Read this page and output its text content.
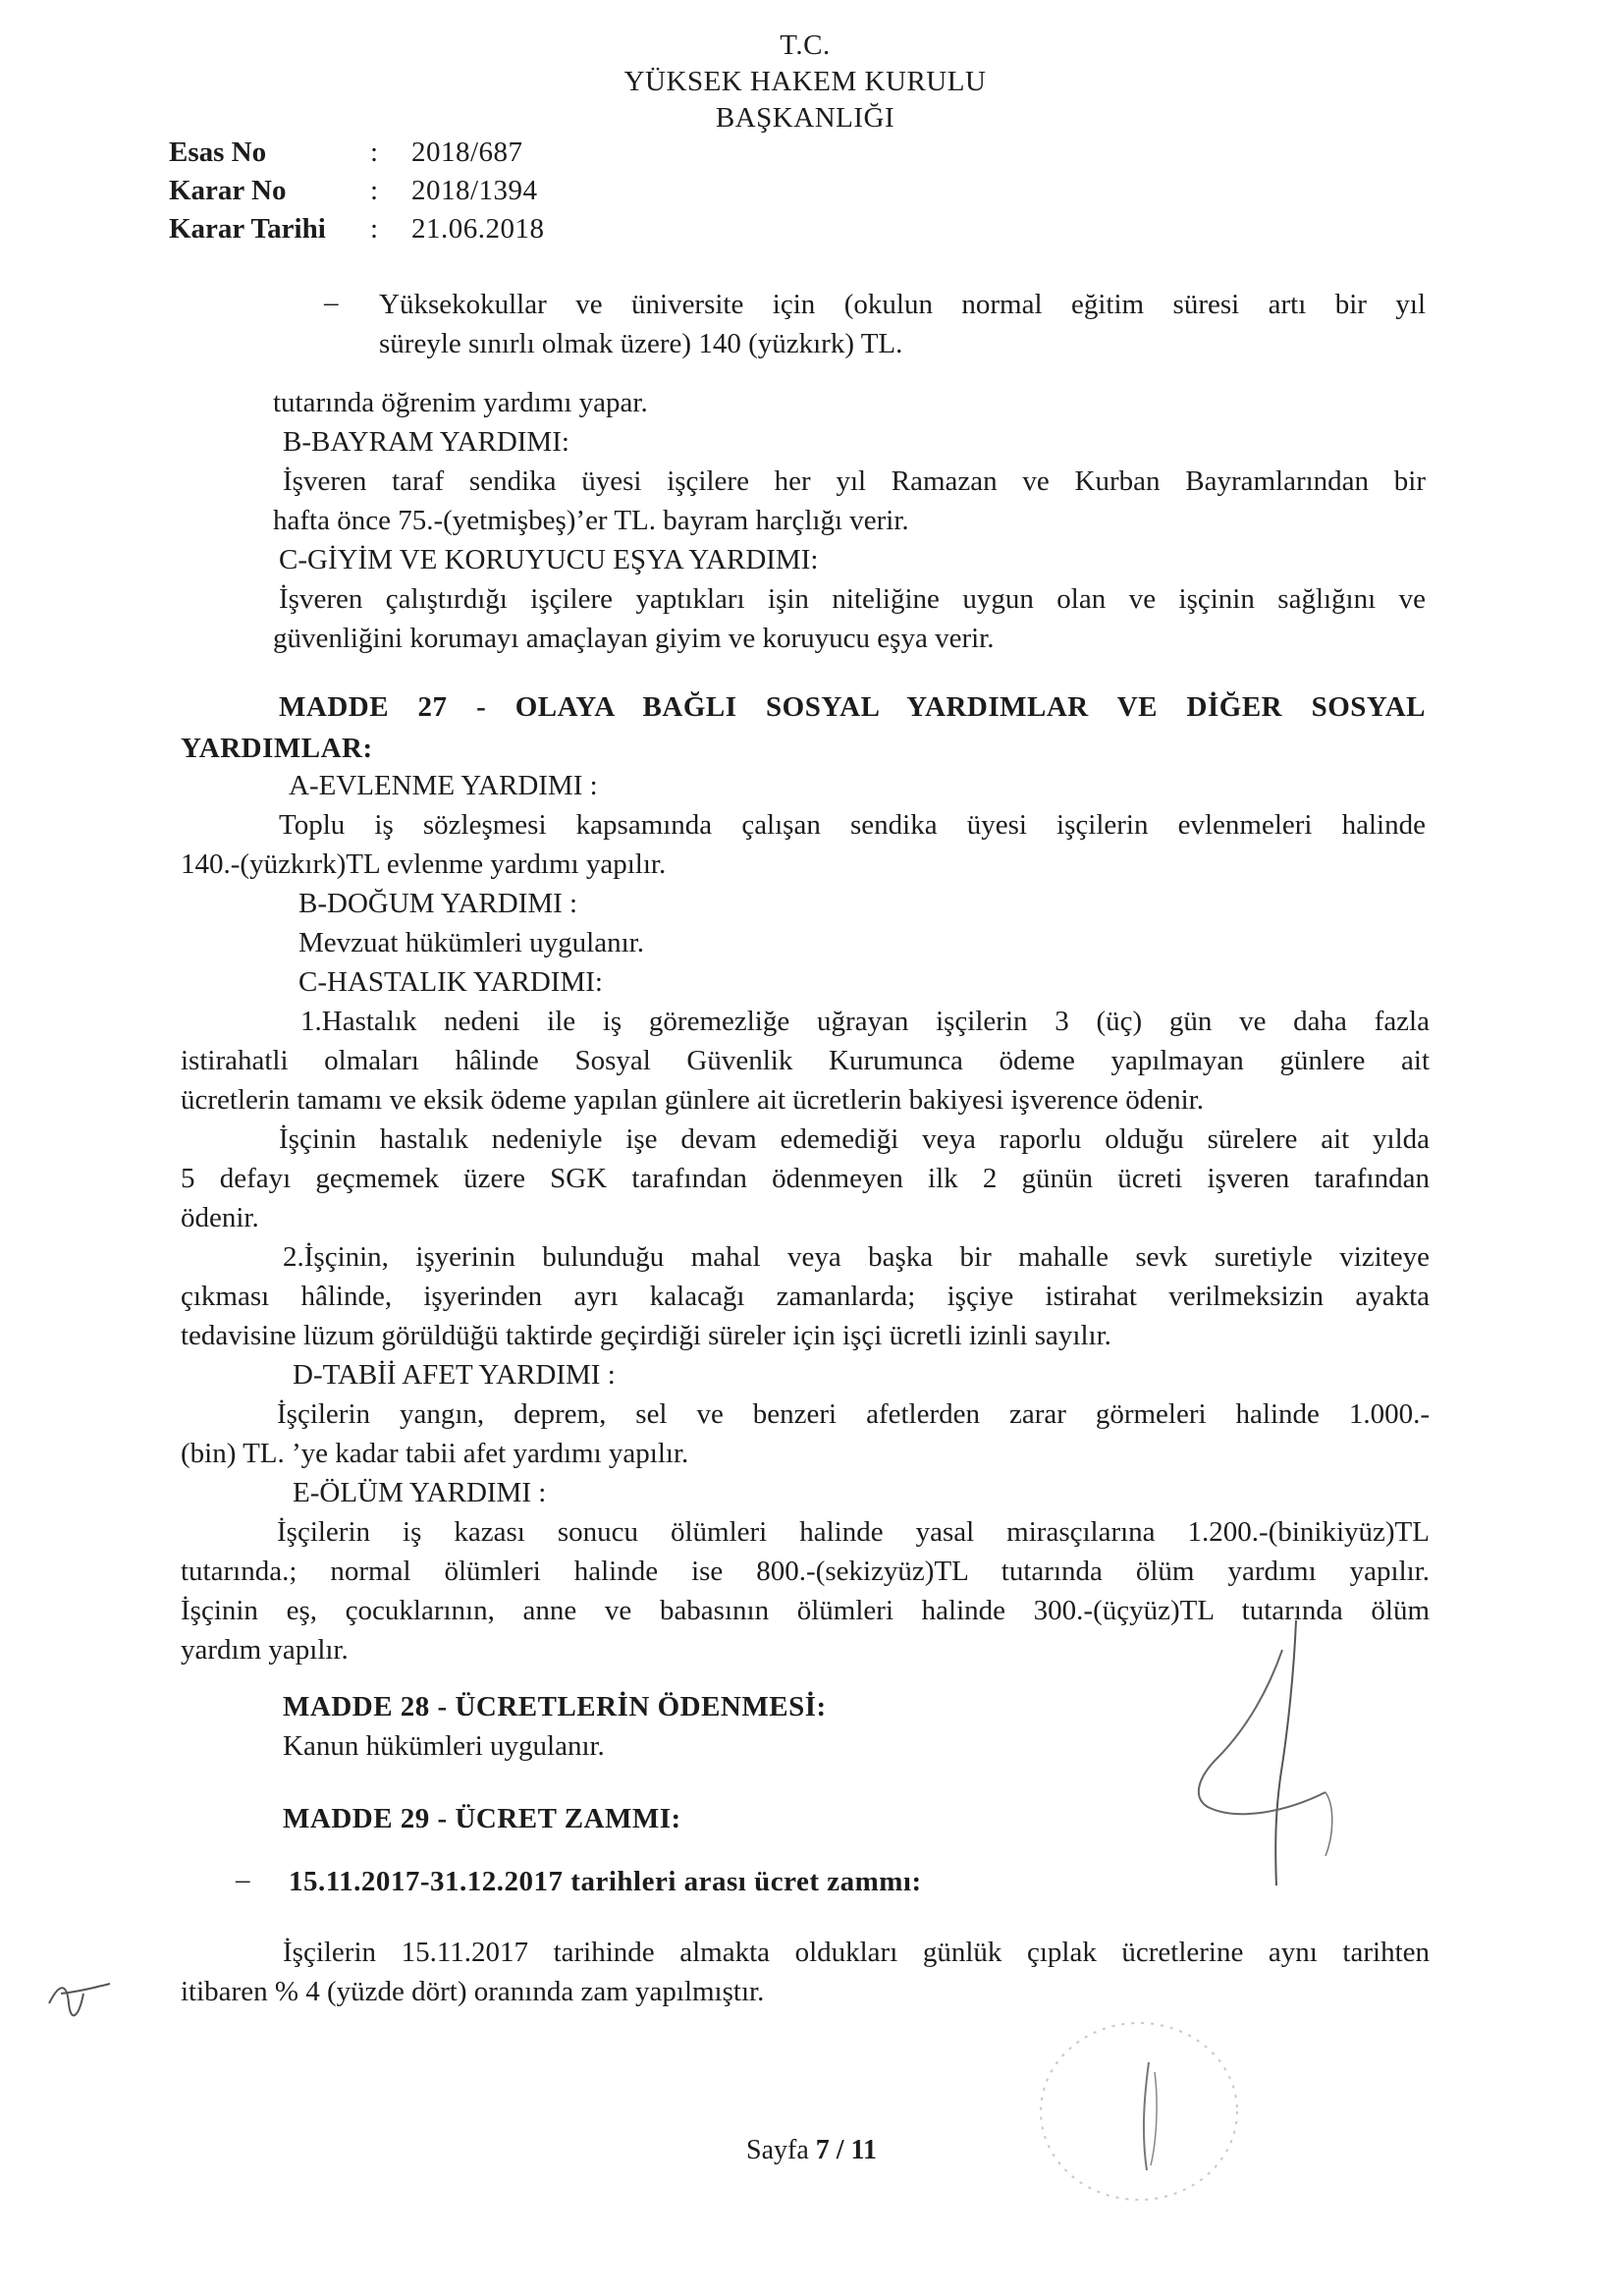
T.C.
YÜKSEK HAKEM KURULU
BAŞKANLIĞI
Esas No	:	2018/687
Karar No	:	2018/1394
Karar Tarihi	:	21.06.2018
– Yüksekokullar ve üniversite için (okulun normal eğitim süresi artı bir yıl
süreyle sınırlı olmak üzere) 140 (yüzkırk) TL.
tutarında öğrenim yardımı yapar.
B-BAYRAM YARDIMI:
İşveren taraf sendika üyesi işçilere her yıl Ramazan ve Kurban Bayramlarından bir
hafta önce 75.-(yetmişbeş)’er TL. bayram harçlığı verir.
C-GİYİM VE KORUYUCU EŞYA YARDIMI:
İşveren çalıştırdığı işçilere yaptıkları işin niteliğine uygun olan ve işçinin sağlığını ve
güvenliğini korumayı amaçlayan giyim ve koruyucu eşya verir.
MADDE 27 - OLAYA BAĞLI SOSYAL YARDIMLAR VE DİĞER SOSYAL
YARDIMLAR:
A-EVLENME YARDIMI :
Toplu iş sözleşmesi kapsamında çalışan sendika üyesi işçilerin evlenmeleri halinde
140.-(yüzkırk)TL evlenme yardımı yapılır.
B-DOĞUM YARDIMI :
Mevzuat hükümleri uygulanır.
C-HASTALIK YARDIMI:
1.Hastalık nedeni ile iş göremezliğe uğrayan işçilerin 3 (üç) gün ve daha fazla
istirahatli olmaları hâlinde Sosyal Güvenlik Kurumunca ödeme yapılmayan günlere ait
ücretlerin tamamı ve eksik ödeme yapılan günlere ait ücretlerin bakiyesi işverence ödenir.
İşçinin hastalık nedeniyle işe devam edemediği veya raporlu olduğu sürelere ait yılda
5 defayı geçmemek üzere SGK tarafından ödenmeyen ilk 2 günün ücreti işveren tarafından
ödenir.
2.İşçinin, işyerinin bulunduğu mahal veya başka bir mahalle sevk suretiyle viziteye
çıkması hâlinde, işyerinden ayrı kalacağı zamanlarda; işçiye istirahat verilmeksizin ayakta
tedavisine lüzum görüldüğü taktirde geçirdiği süreler için işçi ücretli izinli sayılır.
D-TABİİ AFET YARDIMI :
İşçilerin yangın, deprem, sel ve benzeri afetlerden zarar görmeleri halinde 1.000.-
(bin) TL. ’ye kadar tabii afet yardımı yapılır.
E-ÖLÜM YARDIMI :
İşçilerin iş kazası sonucu ölümleri halinde yasal mirasçılarına 1.200.-(binikiyüz)TL
tutarında.; normal ölümleri halinde ise 800.-(sekizyüz)TL tutarında ölüm yardımı yapılır.
İşçinin eş, çocuklarının, anne ve babasının ölümleri halinde 300.-(üçyüz)TL tutarında ölüm
yardım yapılır.
MADDE 28 - ÜCRETLERİN ÖDENMESİ:
Kanun hükümleri uygulanır.
MADDE 29 - ÜCRET ZAMMI:
– 15.11.2017-31.12.2017 tarihleri arası ücret zammı:
İşçilerin 15.11.2017 tarihinde almakta oldukları günlük çıplak ücretlerine aynı tarihten
itibaren % 4 (yüzde dört) oranında zam yapılmıştır.
Sayfa 7 / 11
